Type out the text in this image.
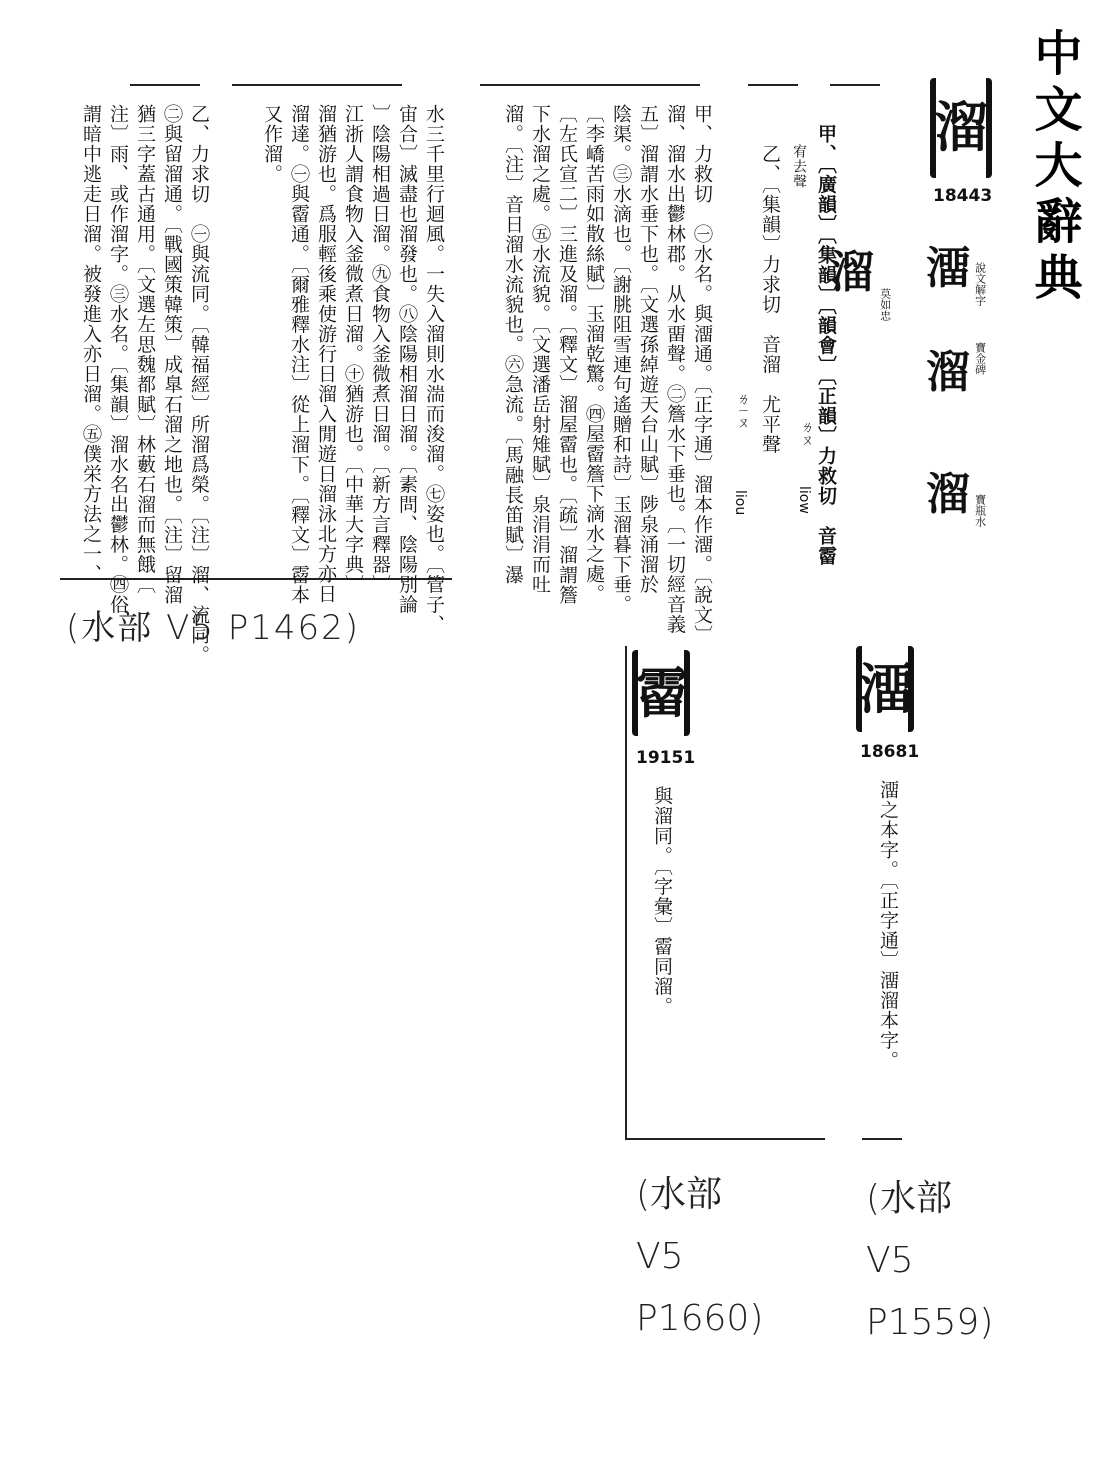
中文大辭典
溜
18443
澑 說文解字
溜 寶金碑
溜 寶瓶水
溜
莫如忠
甲、〔廣韻〕〔集韻〕〔韻會〕〔正韻〕力救切　音霤
宥去聲
乙、〔集韻〕力求切　音溜　尤平聲 ㄌㄡ
liow
ㄌㄧㄡ
liou
甲、力救切　㊀水名。與澑通。〔正字通〕溜本作澑。〔說文〕
溜、溜水出鬱林郡。从水畱聲。㊁簷水下垂也。〔一切經音義
五〕溜謂水垂下也。〔文選孫綽遊天台山賦〕陟泉涌溜於
陰渠。㊂水滴也。〔謝朓阻雪連句遙贈和詩〕玉溜暮下垂。
〔李嶠苦雨如散絲賦〕玉溜乾驚。㊃屋霤簷下滴水之處。
〔左氏宣二〕三進及溜。〔釋文〕溜屋霤也。〔疏〕溜謂簷
下水溜之處。㊄水流貌。〔文選潘岳射雉賦〕泉涓涓而吐
溜。〔注〕音日溜水流貌也。㊅急流。〔馬融長笛賦〕瀑
水三千里行迴風。一失入溜則水湍而浚溜。㊆姿也。〔管子、
宙合〕滅盡也溜發也。㊇陰陽相溜日溜。〔素問、陰陽別論
〕陰陽相過日溜。㊈食物入釜微煮日溜。〔新方言釋器〕
江浙人謂食物入釜微煮日溜。㊉猶游也。〔中華大字典〕
溜猶游也。爲服輕後乘使游行日溜入閒遊日溜泳北方亦日
溜達。㊀與霤通。〔爾雅釋水注〕從上溜下。〔釋文〕霤本
又作溜。
乙、力求切　㊀與流同。〔韓福經〕所溜爲榮。〔注〕溜、流同。
㊁與留溜通。〔戰國策韓策〕成臯石溜之地也。〔注〕留溜
猶三字蓋古通用。〔文選左思魏都賦〕林藪石溜而無餓〔
注〕雨、或作溜字。㊂水名。〔集韻〕溜水名出鬱林。㊃俗
謂暗中逃走日溜。被發進入亦日溜。㊄僕栄方法之一、
(水部 V5 P1462)
澑
18681
澑之本字。〔正字通〕澑溜本字。
(水部
V5
P1559)
霤
19151
與溜同。〔字彙〕霤同溜。
(水部
V5
P1660)
